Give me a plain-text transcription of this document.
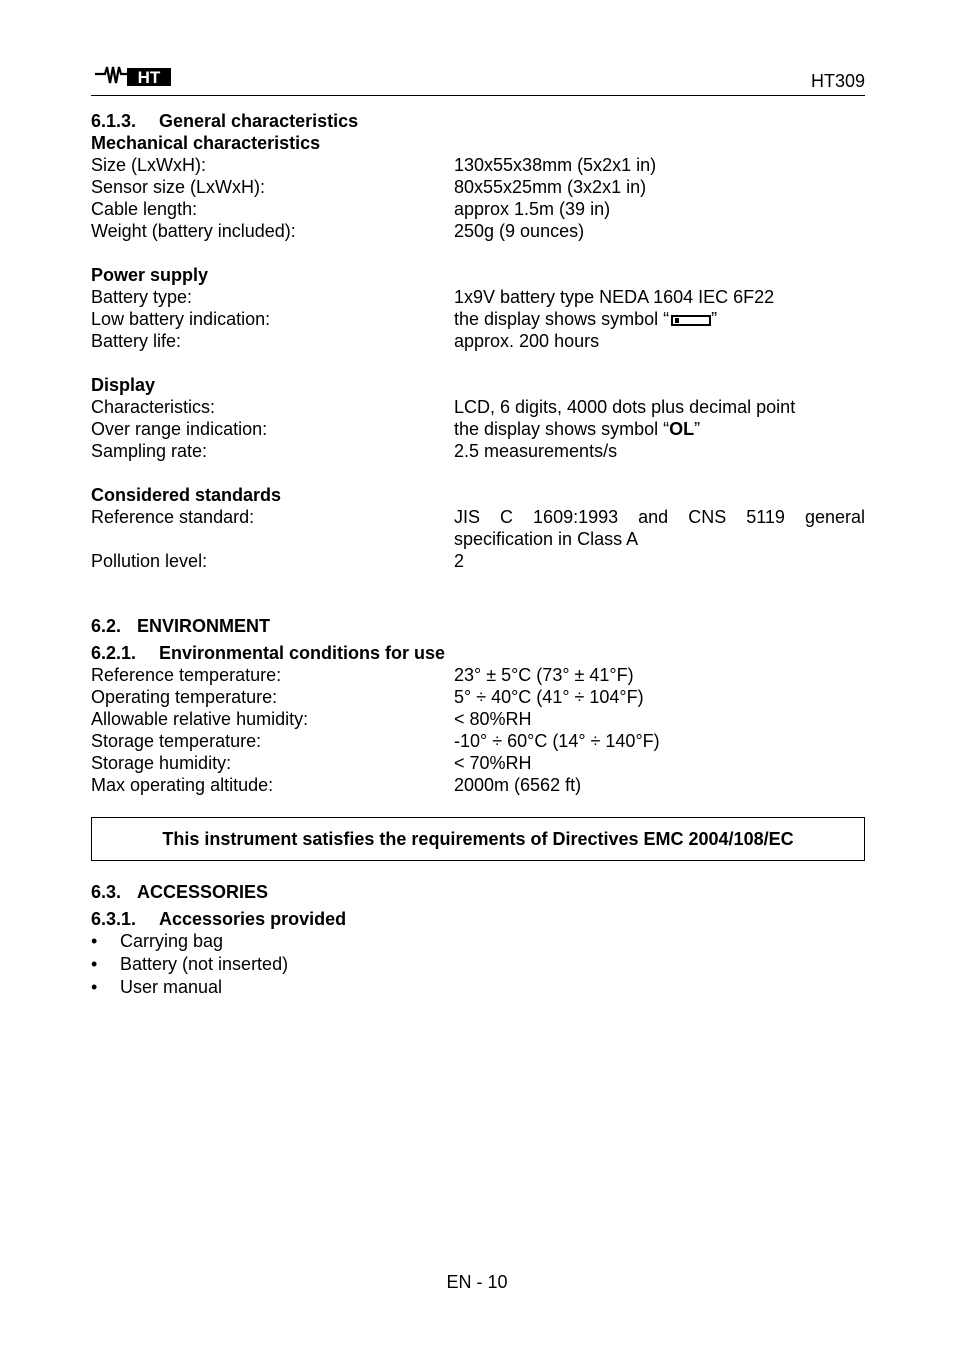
HT	HT309
6.1.3. General characteristics
Mechanical characteristics
Size (LxWxH):	130x55x38mm (5x2x1 in)
Sensor size (LxWxH):	80x55x25mm (3x2x1 in)
Cable length:	approx 1.5m (39 in)
Weight (battery included):	250g (9 ounces)
Power supply
Battery type:	1x9V battery type NEDA 1604 IEC 6F22
Low battery indication:	the display shows symbol “ ”
Battery life:	approx. 200 hours
Display
Characteristics:	LCD, 6 digits, 4000 dots plus decimal point
Over range indication:	the display shows symbol “OL”
Sampling rate:	2.5 measurements/s
Considered standards
Reference standard:	JIS C 1609:1993 and CNS 5119 general specification in Class A
Pollution level:	2
6.2. ENVIRONMENT
6.2.1. Environmental conditions for use
Reference temperature:	23° ± 5°C (73° ± 41°F)
Operating temperature:	5° ÷ 40°C (41° ÷ 104°F)
Allowable relative humidity:	< 80%RH
Storage temperature:	-10° ÷ 60°C (14° ÷ 140°F)
Storage humidity:	< 70%RH
Max operating altitude:	2000m (6562 ft)
This instrument satisfies the requirements of Directives EMC 2004/108/EC
6.3. ACCESSORIES
6.3.1. Accessories provided
• Carrying bag
• Battery (not inserted)
• User manual
EN - 10
